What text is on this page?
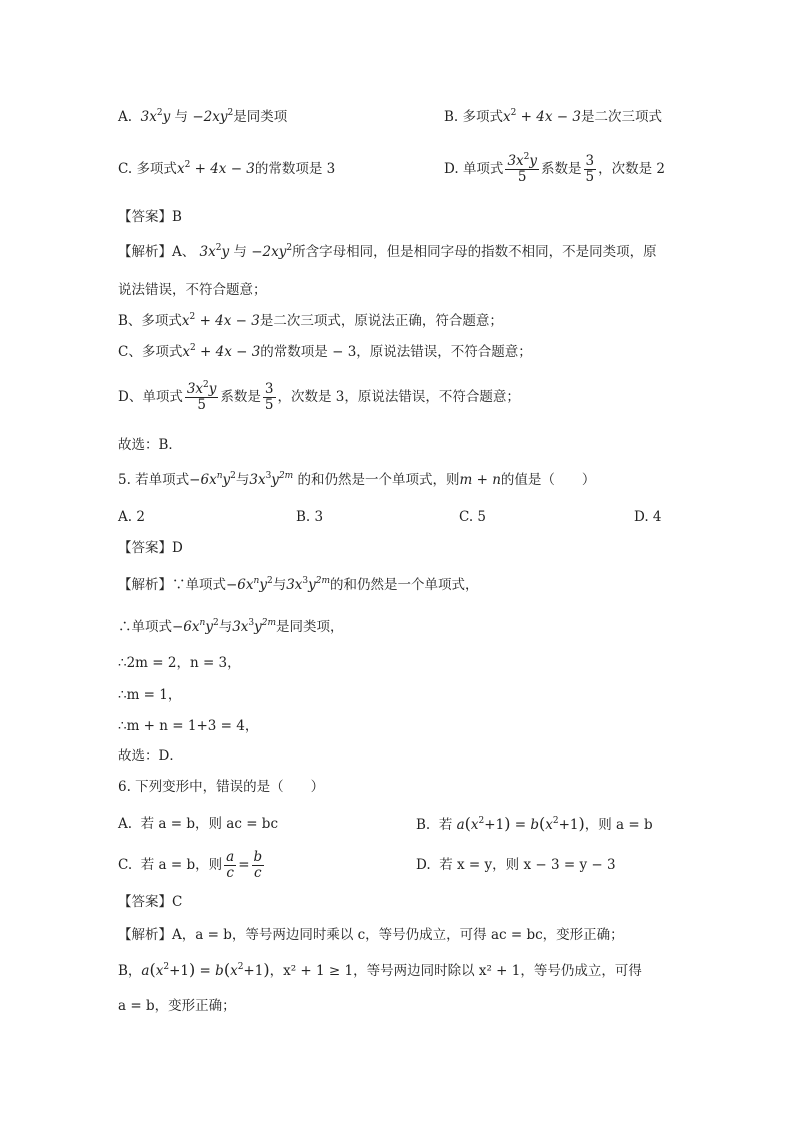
A. $3x^2y$ 与 $-2xy^2$是同类项	B. 多项式$x^2 + 4x - 3$是二次三项式
C. 多项式$x^2 + 4x - 3$的常数项是 3	D. 单项式 $\frac{3x^2y}{5}$ 系数是 $\frac{3}{5}$ ，次数是 2
【答案】B
【解析】A、 $3x^2y$ 与 $-2xy^2$所含字母相同，但是相同字母的指数不相同，不是同类项，原
说法错误，不符合题意；
B、多项式$x^2 + 4x - 3$是二次三项式，原说法正确，符合题意；
C、多项式$x^2 + 4x - 3$的常数项是 − 3，原说法错误，不符合题意；
D、单项式 $\frac{3x^2y}{5}$ 系数是 $\frac{3}{5}$ ，次数是 3，原说法错误，不符合题意；
故选：B．
5. 若单项式$-6x^ny^2$与$3x^3y^{2m}$ 的和仍然是一个单项式，则m + n的值是（　　）
A. 2	B. 3	C. 5	D. 4
【答案】D
【解析】∵单项式$-6x^ny^2$与$3x^3y^{2m}$的和仍然是一个单项式，
∴单项式$-6x^ny^2$与$3x^3y^{2m}$是同类项，
∴2m = 2，n = 3，
∴m = 1，
∴m + n = 1+3 = 4，
故选：D．
6. 下列变形中，错误的是（　　）
A. 若 a = b，则 ac = bc	B. 若 $a(x^2+1) = b(x^2+1)$，则 a = b
C. 若 a = b，则 $\frac{a}{c} = \frac{b}{c}$	D. 若 x = y，则 x − 3 = y − 3
【答案】C
【解析】A，a = b，等号两边同时乘以 c，等号仍成立，可得 ac = bc，变形正确；
B，$a(x^2+1) = b(x^2+1)$，x² + 1 ≥ 1，等号两边同时除以 x² + 1，等号仍成立，可得
a = b，变形正确；
